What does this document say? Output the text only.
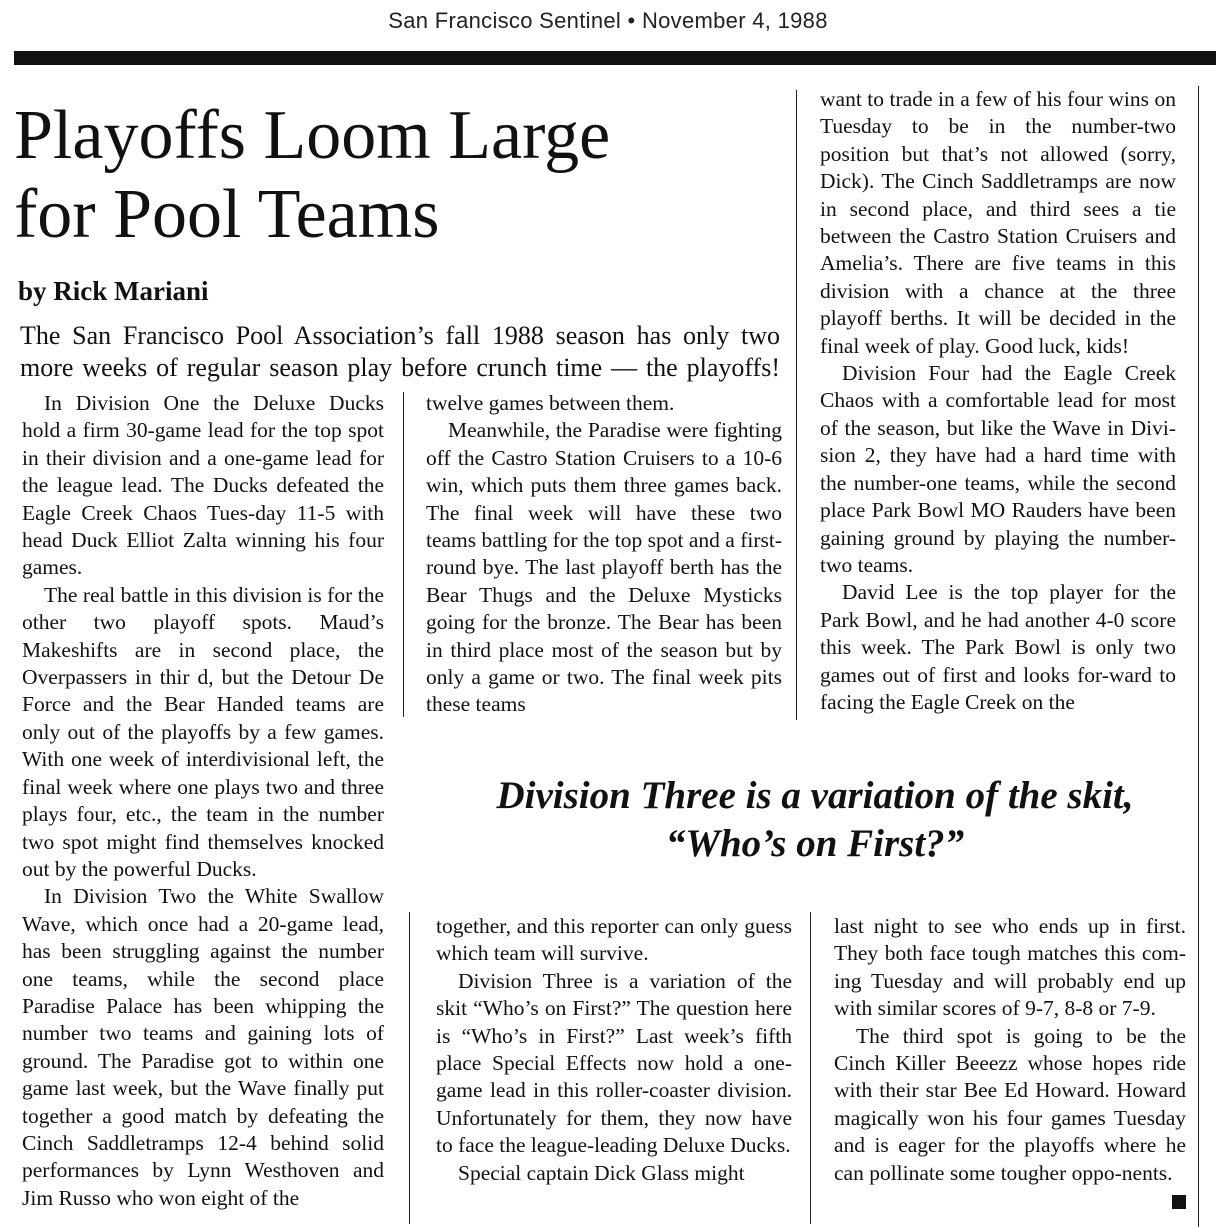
San Francisco Sentinel • November 4, 1988
Playoffs Loom Large
for Pool Teams
by Rick Mariani
The San Francisco Pool Association’s fall 1988 season has only two more weeks of regular season play before crunch time — the playoffs!

In Division One the Deluxe Ducks hold a firm 30-game lead for the top spot in their division and a one-game lead for the league lead. The Ducks defeated the Eagle Creek Chaos Tues-day 11-5 with head Duck Elliot Zalta winning his four games.

The real battle in this division is for the other two playoff spots. Maud’s Makeshifts are in second place, the Overpassers in thir d, but the Detour De Force and the Bear Handed teams are only out of the playoffs by a few games. With one week of interdivisional left, the final week where one plays two and three plays four, etc., the team in the number two spot might find themselves knocked out by the powerful Ducks.

In Division Two the White Swallow Wave, which once had a 20-game lead, has been struggling against the number one teams, while the second place Paradise Palace has been whipping the number two teams and gaining lots of ground. The Paradise got to within one game last week, but the Wave finally put together a good match by defeating the Cinch Saddletramps 12-4 behind solid performances by Lynn Westhoven and Jim Russo who won eight of the

twelve games between them.

Meanwhile, the Paradise were fighting off the Castro Station Cruisers to a 10-6 win, which puts them three games back. The final week will have these two teams battling for the top spot and a first-round bye. The last playoff berth has the Bear Thugs and the Deluxe Mysticks going for the bronze. The Bear has been in third place most of the season but by only a game or two. The final week pits these teams

want to trade in a few of his four wins on Tuesday to be in the number-two position but that’s not allowed (sorry, Dick). The Cinch Saddletramps are now in second place, and third sees a tie between the Castro Station Cruisers and Amelia’s. There are five teams in this division with a chance at the three playoff berths. It will be decided in the final week of play. Good luck, kids!

Division Four had the Eagle Creek Chaos with a comfortable lead for most of the season, but like the Wave in Divi-sion 2, they have had a hard time with the number-one teams, while the second place Park Bowl MO Rauders have been gaining ground by playing the number-two teams.

David Lee is the top player for the Park Bowl, and he had another 4-0 score this week. The Park Bowl is only two games out of first and looks for-ward to facing the Eagle Creek on the

Division Three is a variation of the skit,
“Who’s on First?”

together, and this reporter can only guess which team will survive.

Division Three is a variation of the skit “Who’s on First?” The question here is “Who’s in First?” Last week’s fifth place Special Effects now hold a one-game lead in this roller-coaster division. Unfortunately for them, they now have to face the league-leading Deluxe Ducks.

Special captain Dick Glass might

last night to see who ends up in first. They both face tough matches this com-ing Tuesday and will probably end up with similar scores of 9-7, 8-8 or 7-9.

The third spot is going to be the Cinch Killer Beeezz whose hopes ride with their star Bee Ed Howard. Howard magically won his four games Tuesday and is eager for the playoffs where he can pollinate some tougher oppo-nents.
